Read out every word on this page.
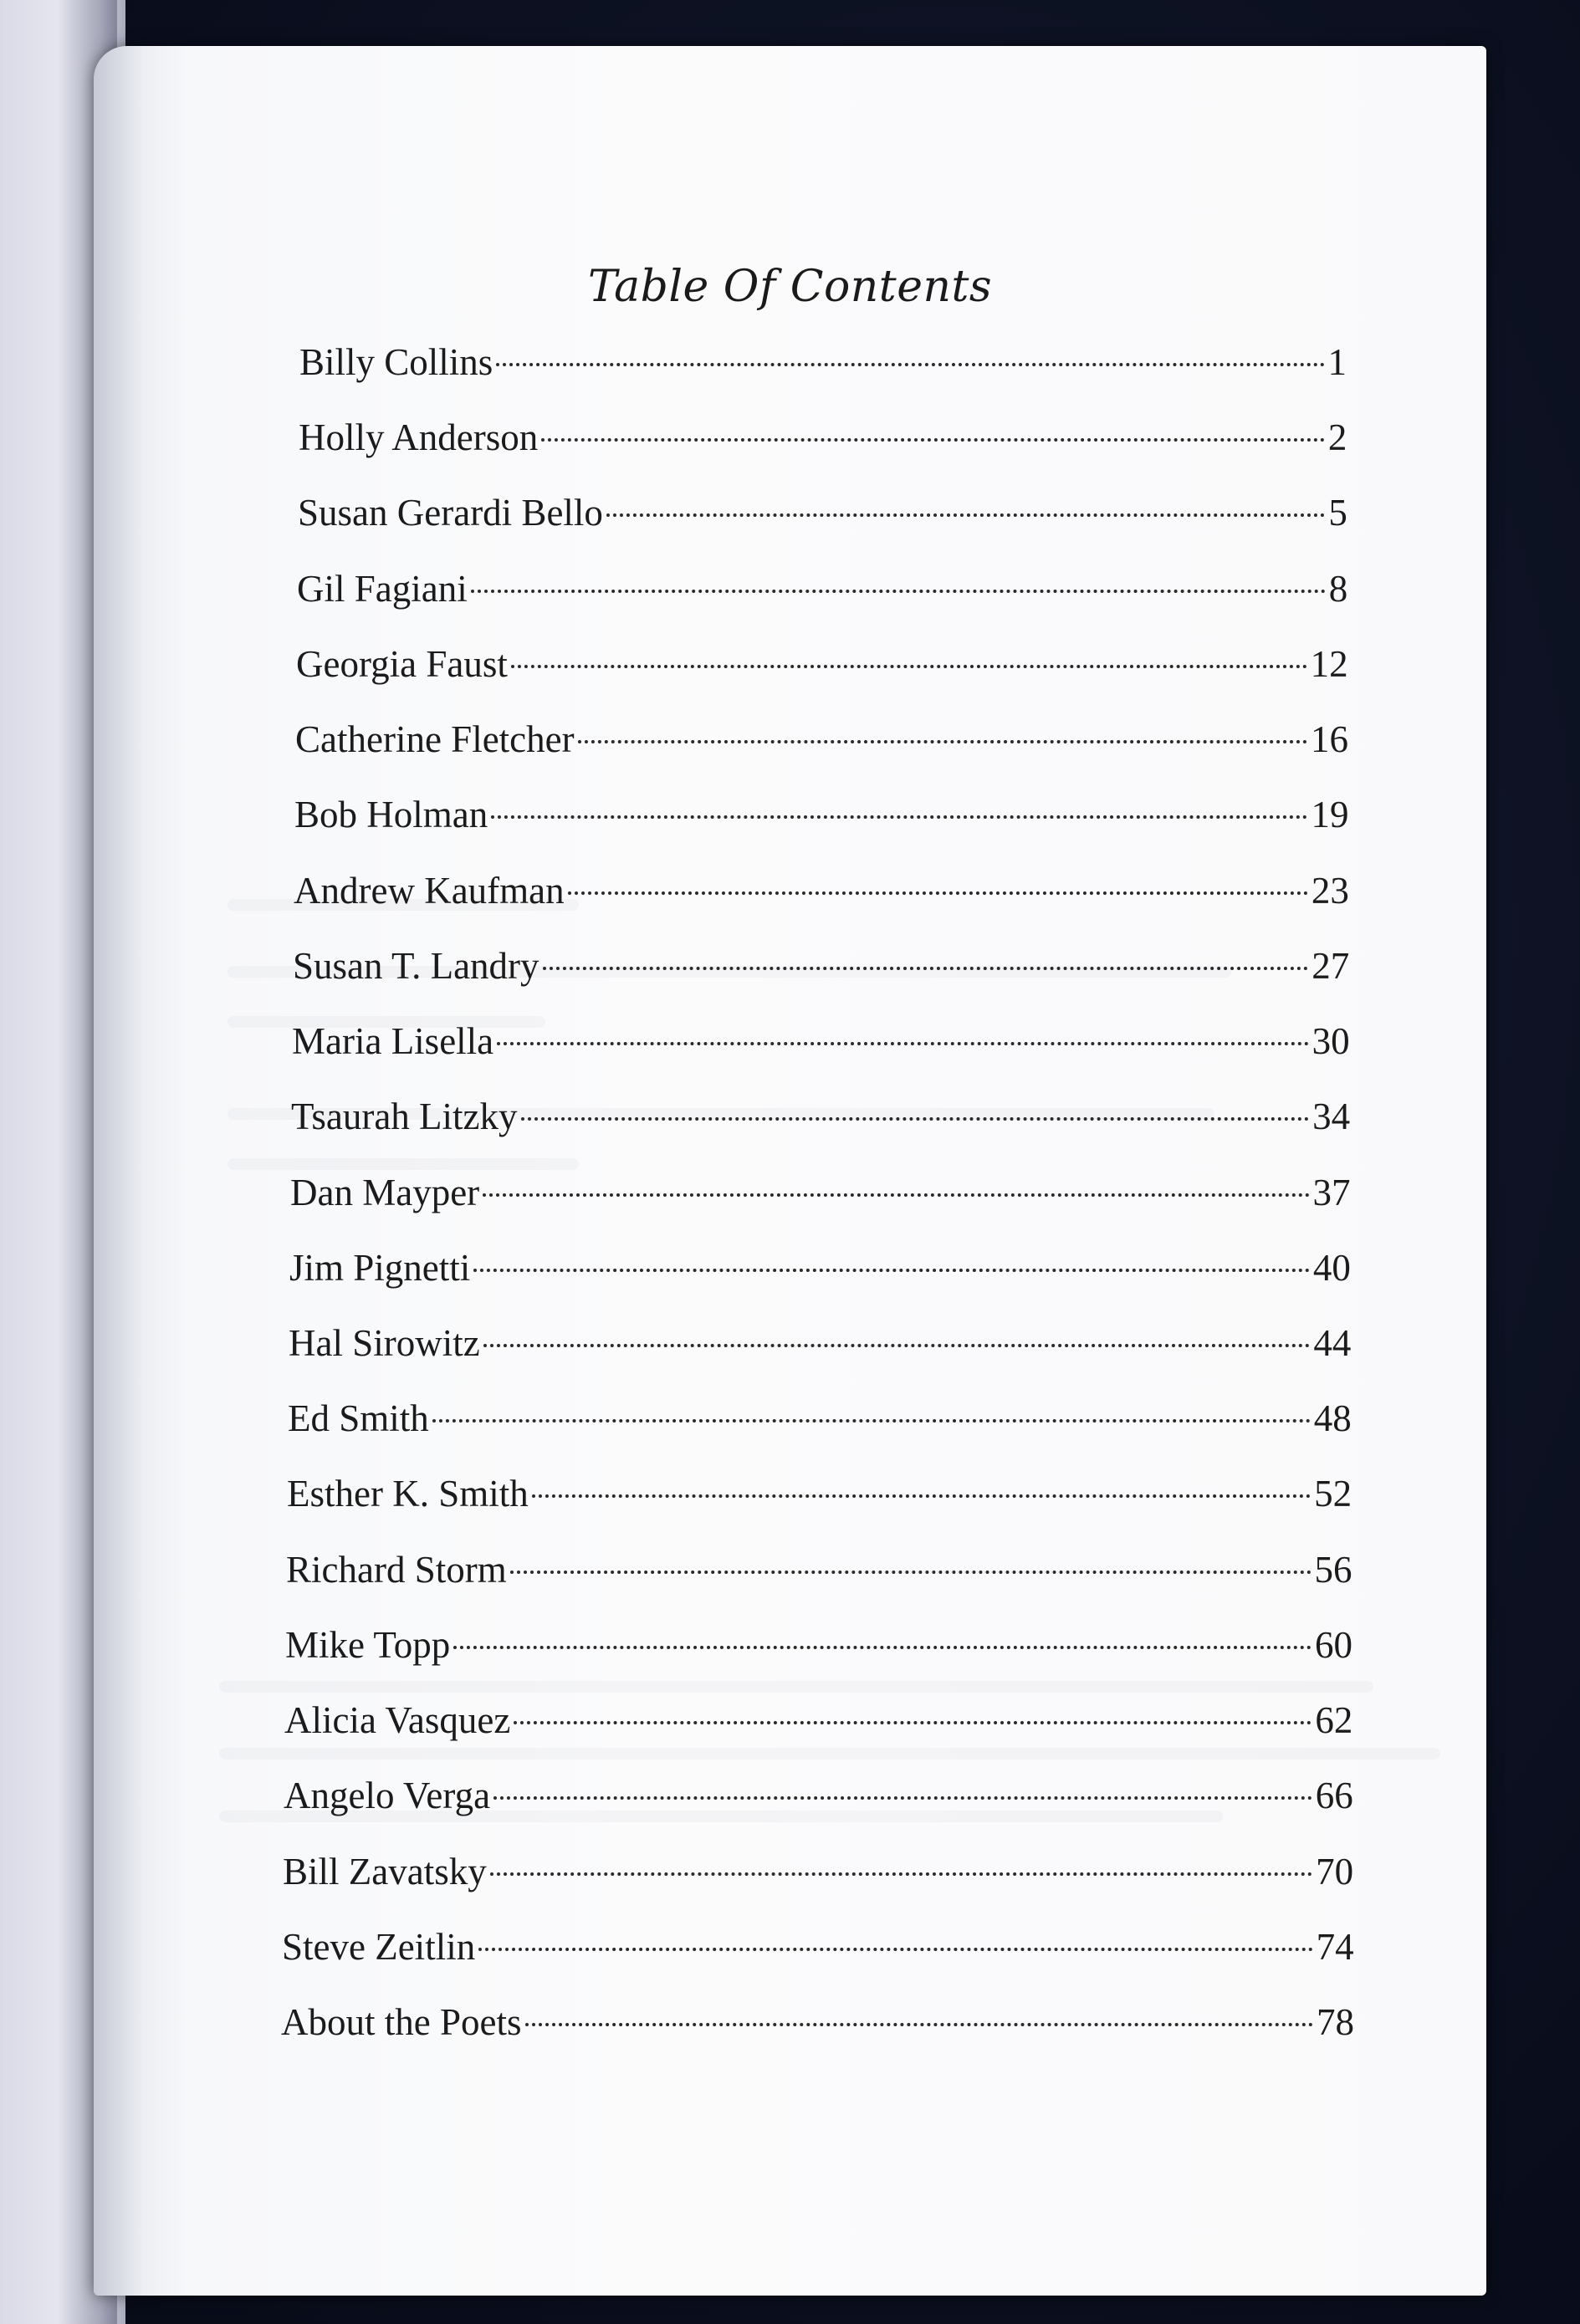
Table Of Contents
Billy Collins	1
Holly Anderson	2
Susan Gerardi Bello	5
Gil Fagiani	8
Georgia Faust	12
Catherine Fletcher	16
Bob Holman	19
Andrew Kaufman	23
Susan T. Landry	27
Maria Lisella	30
Tsaurah Litzky	34
Dan Mayper	37
Jim Pignetti	40
Hal Sirowitz	44
Ed Smith	48
Esther K. Smith	52
Richard Storm	56
Mike Topp	60
Alicia Vasquez	62
Angelo Verga	66
Bill Zavatsky	70
Steve Zeitlin	74
About the Poets	78
